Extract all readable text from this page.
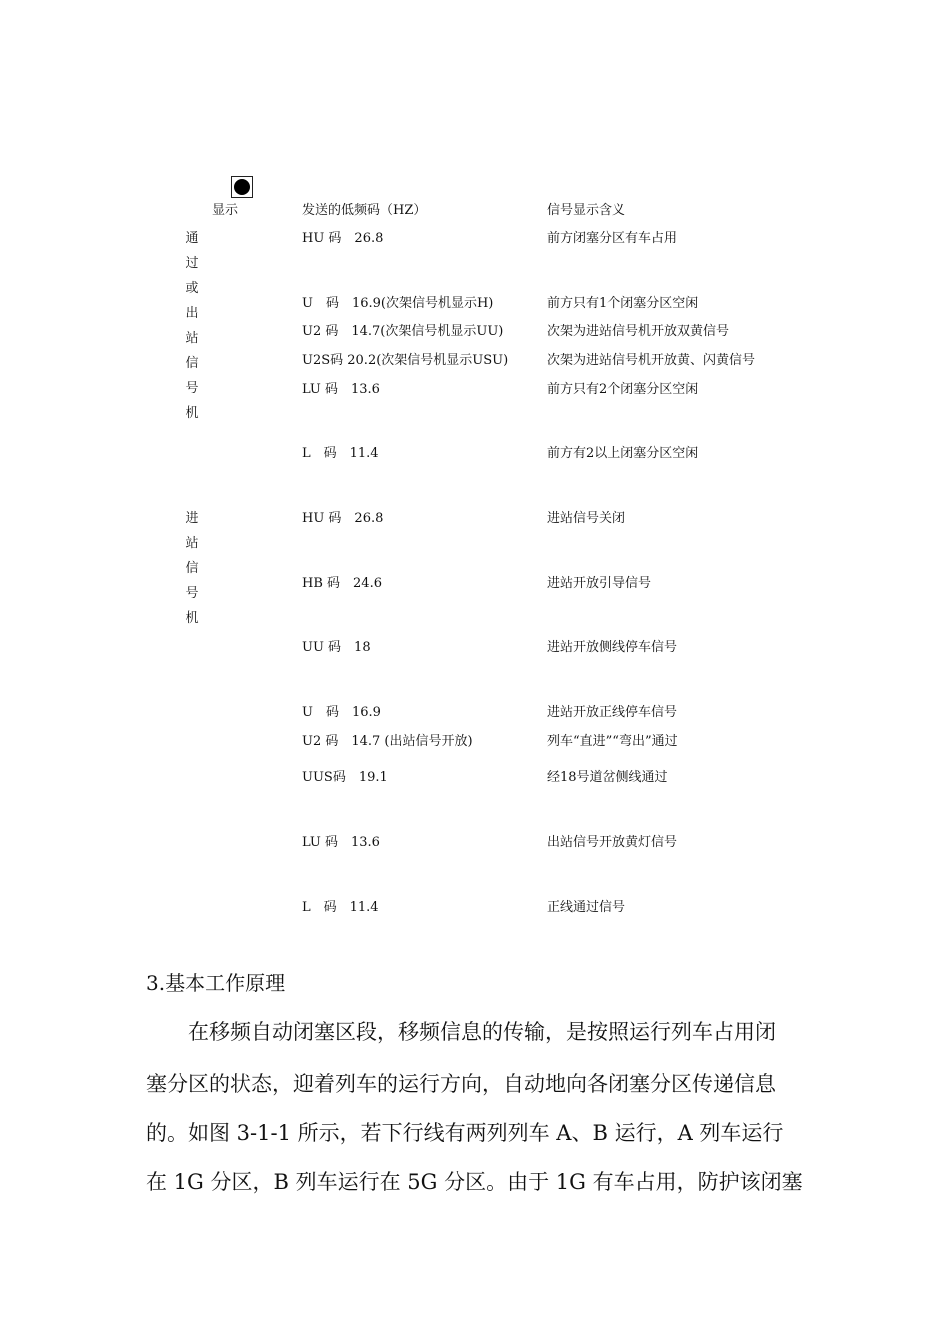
显示	发送的低频码（HZ）	信号显示含义
通
过
或
出
站
信
号
机
HU 码　26.8	前方闭塞分区有车占用
U　码　16.9(次架信号机显示H)	前方只有1个闭塞分区空闲
U2 码　14.7(次架信号机显示UU)	次架为进站信号机开放双黄信号
U2S码 20.2(次架信号机显示USU)	次架为进站信号机开放黄、闪黄信号
LU 码　13.6	前方只有2个闭塞分区空闲
L　码　11.4	前方有2以上闭塞分区空闲
进
站
信
号
机
HU 码　26.8	进站信号关闭
HB 码　24.6	进站开放引导信号
UU 码　18	进站开放侧线停车信号
U　码　16.9	进站开放正线停车信号
U2 码　14.7 (出站信号开放)	列车“直进”“弯出”通过
UUS码　19.1	经18号道岔侧线通过
LU 码　13.6	出站信号开放黄灯信号
L　码　11.4	正线通过信号
3.基本工作原理
　　在移频自动闭塞区段，移频信息的传输，是按照运行列车占用闭
塞分区的状态，迎着列车的运行方向，自动地向各闭塞分区传递信息
的。如图 3-1-1 所示，若下行线有两列列车 A、B 运行，A 列车运行
在 1G 分区，B 列车运行在 5G 分区。由于 1G 有车占用，防护该闭塞
